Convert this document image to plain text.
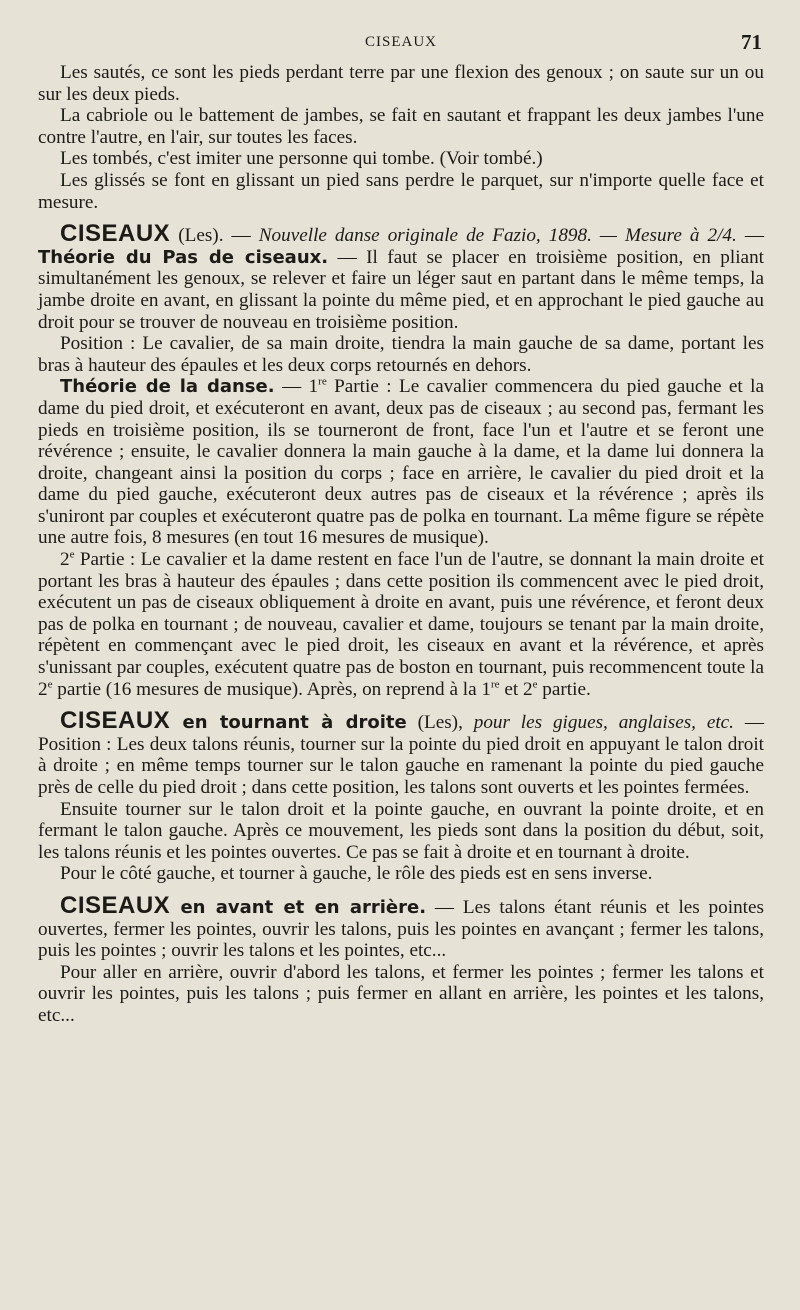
CISEAUX	71

Les sautés, ce sont les pieds perdant terre par une flexion des genoux ; on saute sur un ou sur les deux pieds.

La cabriole ou le battement de jambes, se fait en sautant et frappant les deux jambes l'une contre l'autre, en l'air, sur toutes les faces.

Les tombés, c'est imiter une personne qui tombe. (Voir tombé.)

Les glissés se font en glissant un pied sans perdre le parquet, sur n'importe quelle face et mesure.

CISEAUX (Les). — Nouvelle danse originale de Fazio, 1898. — Mesure à 2/4. — Théorie du Pas de ciseaux. — Il faut se placer en troisième position, en pliant simultanément les genoux, se relever et faire un léger saut en partant dans le même temps, la jambe droite en avant, en glissant la pointe du même pied, et en approchant le pied gauche au droit pour se trouver de nouveau en troisième position.

Position : Le cavalier, de sa main droite, tiendra la main gauche de sa dame, portant les bras à hauteur des épaules et les deux corps retournés en dehors.

Théorie de la danse. — 1re Partie : Le cavalier commencera du pied gauche et la dame du pied droit, et exécuteront en avant, deux pas de ciseaux ; au second pas, fermant les pieds en troisième position, ils se tourneront de front, face l'un et l'autre et se feront une révérence ; ensuite, le cavalier donnera la main gauche à la dame, et la dame lui donnera la droite, changeant ainsi la position du corps ; face en arrière, le cavalier du pied droit et la dame du pied gauche, exécuteront deux autres pas de ciseaux et la révérence ; après ils s'uniront par couples et exécuteront quatre pas de polka en tournant. La même figure se répète une autre fois, 8 mesures (en tout 16 mesures de musique).

2e Partie : Le cavalier et la dame restent en face l'un de l'autre, se donnant la main droite et portant les bras à hauteur des épaules ; dans cette position ils commencent avec le pied droit, exécutent un pas de ciseaux obliquement à droite en avant, puis une révérence, et feront deux pas de polka en tournant ; de nouveau, cavalier et dame, toujours se tenant par la main droite, répètent en commençant avec le pied droit, les ciseaux en avant et la révérence, et après s'unissant par couples, exécutent quatre pas de boston en tournant, puis recommencent toute la 2e partie (16 mesures de musique). Après, on reprend à la 1re et 2e partie.

CISEAUX en tournant à droite (Les), pour les gigues, anglaises, etc. — Position : Les deux talons réunis, tourner sur la pointe du pied droit en appuyant le talon droit à droite ; en même temps tourner sur le talon gauche en ramenant la pointe du pied gauche près de celle du pied droit ; dans cette position, les talons sont ouverts et les pointes fermées.

Ensuite tourner sur le talon droit et la pointe gauche, en ouvrant la pointe droite, et en fermant le talon gauche. Après ce mouvement, les pieds sont dans la position du début, soit, les talons réunis et les pointes ouvertes. Ce pas se fait à droite et en tournant à droite.

Pour le côté gauche, et tourner à gauche, le rôle des pieds est en sens inverse.

CISEAUX en avant et en arrière. — Les talons étant réunis et les pointes ouvertes, fermer les pointes, ouvrir les talons, puis les pointes en avançant ; fermer les talons, puis les pointes ; ouvrir les talons et les pointes, etc...

Pour aller en arrière, ouvrir d'abord les talons, et fermer les pointes ; fermer les talons et ouvrir les pointes, puis les talons ; puis fermer en allant en arrière, les pointes et les talons, etc...
